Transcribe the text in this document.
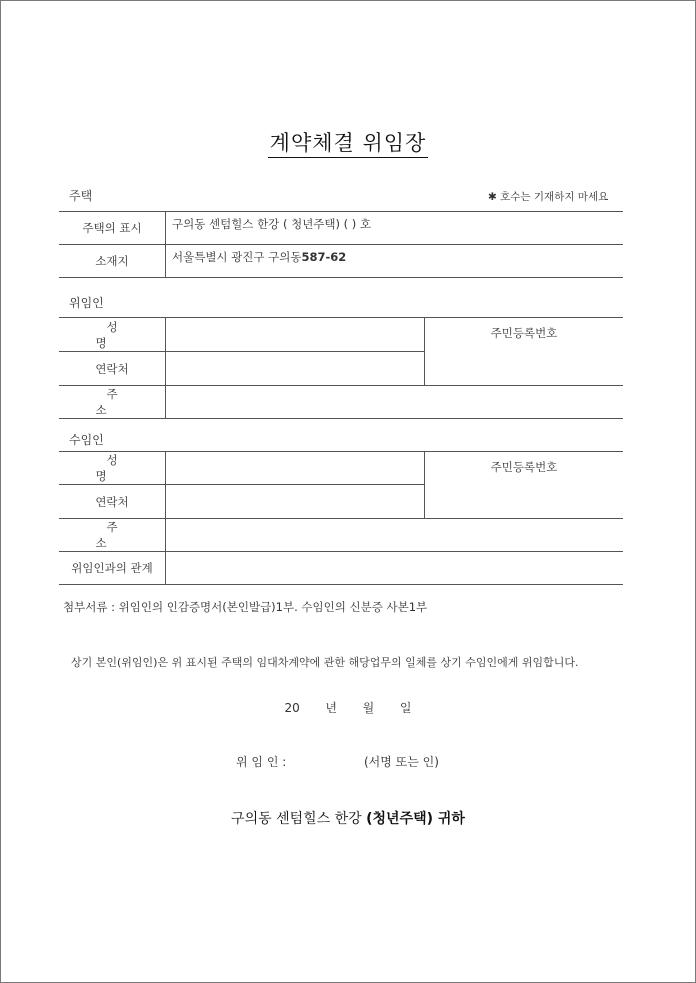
계약체결 위임장
주택	✱ 호수는 기재하지 마세요
주택의 표시	구의동 센텀힐스 한강 ( 청년주택) ( ) 호
소재지	서울특별시 광진구 구의동587-62
위임인
성 명		주민등록번호
연락처		
주 소		
수임인
성 명		주민등록번호
연락처		
주 소		
위임인과의 관계		
첨부서류 : 위임인의 인감증명서(본인발급)1부. 수임인의 신분증 사본1부
상기 본인(위임인)은 위 표시된 주택의 임대차계약에 관한 해당업무의 일체를 상기 수임인에게 위임합니다.
20 년 월 일
위 임 인 :	(서명 또는 인)
구의동 센텀힐스 한강 (청년주택) 귀하
